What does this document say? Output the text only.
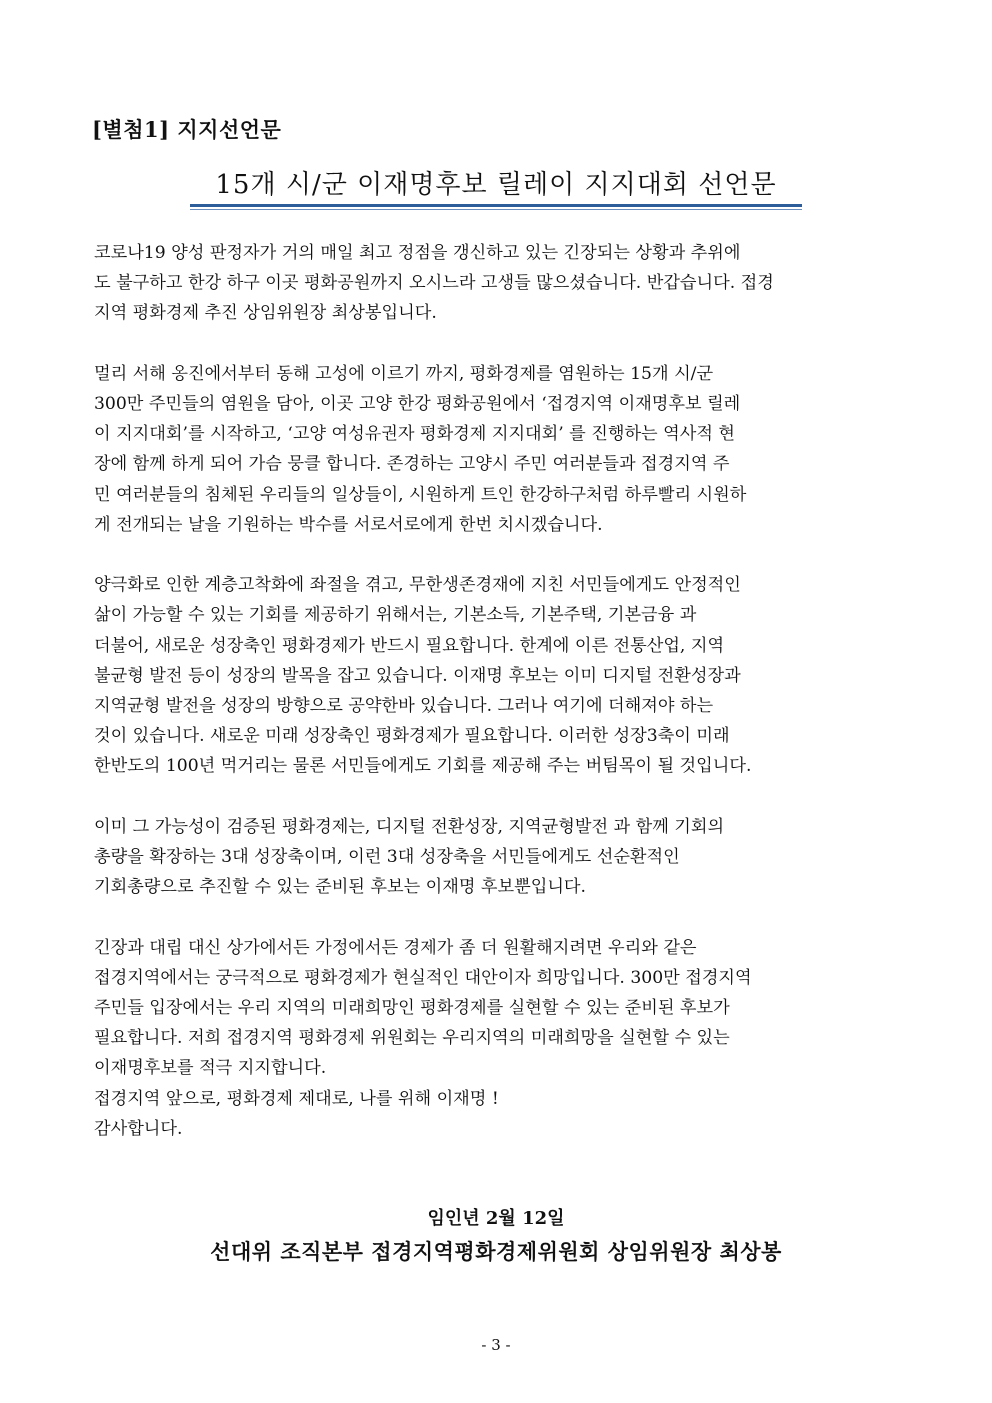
[별첨1] 지지선언문
15개 시/군 이재명후보 릴레이 지지대회 선언문
코로나19 양성 판정자가 거의 매일 최고 정점을 갱신하고 있는 긴장되는 상황과 추위에
도 불구하고 한강 하구 이곳 평화공원까지 오시느라 고생들 많으셨습니다. 반갑습니다. 접경
지역 평화경제 추진 상임위원장 최상봉입니다.
멀리 서해 옹진에서부터 동해 고성에 이르기 까지, 평화경제를 염원하는 15개 시/군
300만 주민들의 염원을 담아, 이곳 고양 한강 평화공원에서 ‘접경지역 이재명후보 릴레
이 지지대회’를 시작하고, ‘고양 여성유권자 평화경제 지지대회’ 를 진행하는 역사적 현
장에 함께 하게 되어 가슴 뭉클 합니다. 존경하는 고양시 주민 여러분들과 접경지역 주
민 여러분들의 침체된 우리들의 일상들이, 시원하게 트인 한강하구처럼 하루빨리 시원하
게 전개되는 날을 기원하는 박수를 서로서로에게 한번 치시겠습니다.
양극화로 인한 계층고착화에 좌절을 겪고, 무한생존경재에 지친 서민들에게도 안정적인
삶이 가능할 수 있는 기회를 제공하기 위해서는, 기본소득, 기본주택, 기본금융 과
더불어, 새로운 성장축인 평화경제가 반드시 필요합니다. 한계에 이른 전통산업, 지역
불균형 발전 등이 성장의 발목을 잡고 있습니다. 이재명 후보는 이미 디지털 전환성장과
지역균형 발전을 성장의 방향으로 공약한바 있습니다. 그러나 여기에 더해져야 하는
것이 있습니다. 새로운 미래 성장축인 평화경제가 필요합니다. 이러한 성장3축이 미래
한반도의 100년 먹거리는 물론 서민들에게도 기회를 제공해 주는 버팀목이 될 것입니다.
이미 그 가능성이 검증된 평화경제는, 디지털 전환성장, 지역균형발전 과 함께 기회의
총량을 확장하는 3대 성장축이며, 이런 3대 성장축을 서민들에게도 선순환적인
기회총량으로 추진할 수 있는 준비된 후보는 이재명 후보뿐입니다.
긴장과 대립 대신 상가에서든 가정에서든 경제가 좀 더 원활해지려면 우리와 같은
접경지역에서는 궁극적으로 평화경제가 현실적인 대안이자 희망입니다. 300만 접경지역
주민들 입장에서는 우리 지역의 미래희망인 평화경제를 실현할 수 있는 준비된 후보가
필요합니다. 저희 접경지역 평화경제 위원회는 우리지역의 미래희망을 실현할 수 있는
이재명후보를 적극 지지합니다.
접경지역 앞으로, 평화경제 제대로, 나를 위해 이재명 !
감사합니다.
임인년 2월 12일
선대위 조직본부 접경지역평화경제위원회 상임위원장 최상봉
- 3 -
